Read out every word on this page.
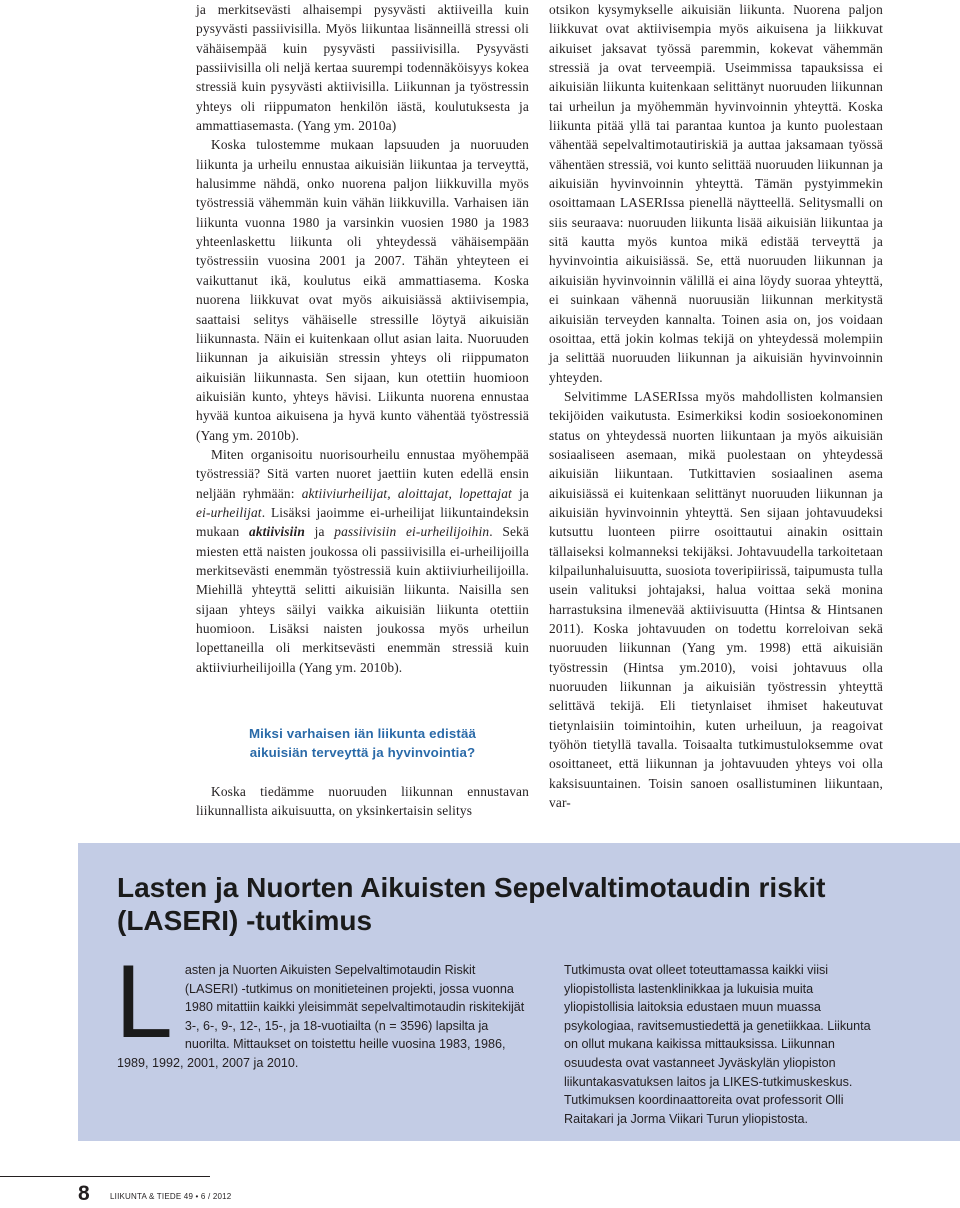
ja merkitsevästi alhaisempi pysyvästi aktiiveilla kuin pysyvästi passiivisilla. Myös liikuntaa lisänneillä stressi oli vähäisempää kuin pysyvästi passiivisilla. Pysyvästi passiivisilla oli neljä kertaa suurempi todennäköisyys kokea stressiä kuin pysyvästi aktiivisilla. Liikunnan ja työstressin yhteys oli riippumaton henkilön iästä, koulutuksesta ja ammattiasemasta. (Yang ym. 2010a)

Koska tulostemme mukaan lapsuuden ja nuoruuden liikunta ja urheilu ennustaa aikuisiän liikuntaa ja terveyttä, halusimme nähdä, onko nuorena paljon liikkuvilla myös työstressiä vähemmän kuin vähän liikkuvilla. Varhaisen iän liikunta vuonna 1980 ja varsinkin vuosien 1980 ja 1983 yhteenlaskettu liikunta oli yhteydessä vähäisempään työstressiin vuosina 2001 ja 2007. Tähän yhteyteen ei vaikuttanut ikä, koulutus eikä ammattiasema. Koska nuorena liikkuvat ovat myös aikuisiässä aktiivisempia, saattaisi selitys vähäiselle stressille löytyä aikuisiän liikunnasta. Näin ei kuitenkaan ollut asian laita. Nuoruuden liikunnan ja aikuisiän stressin yhteys oli riippumaton aikuisiän liikunnasta. Sen sijaan, kun otettiin huomioon aikuisiän kunto, yhteys hävisi. Liikunta nuorena ennustaa hyvää kuntoa aikuisena ja hyvä kunto vähentää työstressiä (Yang ym. 2010b).

Miten organisoitu nuorisourheilu ennustaa myöhempää työstressiä? Sitä varten nuoret jaettiin kuten edellä ensin neljään ryhmään: aktiiviurheilijat, aloittajat, lopettajat ja ei-urheilijat. Lisäksi jaoimme ei-urheilijat liikuntaindeksin mukaan aktiivisiin ja passiivisiin ei-urheilijoihin. Sekä miesten että naisten joukossa oli passiivisilla ei-urheilijoilla merkitsevästi enemmän työstressiä kuin aktiiviurheilijoilla. Miehillä yhteyttä selitti aikuisiän liikunta. Naisilla sen sijaan yhteys säilyi vaikka aikuisiän liikunta otettiin huomioon. Lisäksi naisten joukossa myös urheilun lopettaneilla oli merkitsevästi enemmän stressiä kuin aktiiviurheilijoilla (Yang ym. 2010b).

Miksi varhaisen iän liikunta edistää
aikuisiän terveyttä ja hyvinvointia?

Koska tiedämme nuoruuden liikunnan ennustavan liikunnallista aikuisuutta, on yksinkertaisin selitys

otsikon kysymykselle aikuisiän liikunta. Nuorena paljon liikkuvat ovat aktiivisempia myös aikuisena ja liikkuvat aikuiset jaksavat työssä paremmin, kokevat vähemmän stressiä ja ovat terveempiä. Useimmissa tapauksissa ei aikuisiän liikunta kuitenkaan selittänyt nuoruuden liikunnan tai urheilun ja myöhemmän hyvinvoinnin yhteyttä. Koska liikunta pitää yllä tai parantaa kuntoa ja kunto puolestaan vähentää sepelvaltimotautiriskiä ja auttaa jaksamaan työssä vähentäen stressiä, voi kunto selittää nuoruuden liikunnan ja aikuisiän hyvinvoinnin yhteyttä. Tämän pystyimmekin osoittamaan LASERIssa pienellä näytteellä. Selitysmalli on siis seuraava: nuoruuden liikunta lisää aikuisiän liikuntaa ja sitä kautta myös kuntoa mikä edistää terveyttä ja hyvinvointia aikuisiässä. Se, että nuoruuden liikunnan ja aikuisiän hyvinvoinnin välillä ei aina löydy suoraa yhteyttä, ei suinkaan vähennä nuoruusiän liikunnan merkitystä aikuisiän terveyden kannalta. Toinen asia on, jos voidaan osoittaa, että jokin kolmas tekijä on yhteydessä molempiin ja selittää nuoruuden liikunnan ja aikuisiän hyvinvoinnin yhteyden.

Selvitimme LASERIssa myös mahdollisten kolmansien tekijöiden vaikutusta. Esimerkiksi kodin sosioekonominen status on yhteydessä nuorten liikuntaan ja myös aikuisiän sosiaaliseen asemaan, mikä puolestaan on yhteydessä aikuisiän liikuntaan. Tutkittavien sosiaalinen asema aikuisiässä ei kuitenkaan selittänyt nuoruuden liikunnan ja aikuisiän hyvinvoinnin yhteyttä. Sen sijaan johtavuudeksi kutsuttu luonteen piirre osoittautui ainakin osittain tällaiseksi kolmanneksi tekijäksi. Johtavuudella tarkoitetaan kilpailunhaluisuutta, suosiota toveripiirissä, taipumusta tulla usein valituksi johtajaksi, halua voittaa sekä monina harrastuksina ilmenevää aktiivisuutta (Hintsa & Hintsanen 2011). Koska johtavuuden on todettu korreloivan sekä nuoruuden liikunnan (Yang ym. 1998) että aikuisiän työstressin (Hintsa ym.2010), voisi johtavuus olla nuoruuden liikunnan ja aikuisiän työstressin yhteyttä selittävä tekijä. Eli tietynlaiset ihmiset hakeutuvat tietynlaisiin toimintoihin, kuten urheiluun, ja reagoivat työhön tietyllä tavalla. Toisaalta tutkimustuloksemme ovat osoittaneet, että liikunnan ja johtavuuden yhteys voi olla kaksisuuntainen. Toisin sanoen osallistuminen liikuntaan, var-

Lasten ja Nuorten Aikuisten Sepelvaltimotaudin riskit (LASERI) -tutkimus

Lasten ja Nuorten Aikuisten Sepelvaltimotaudin Riskit (LASERI) -tutkimus on monitieteinen projekti, jossa vuonna 1980 mitattiin kaikki yleisimmät sepelvaltimotaudin riskitekijät 3-, 6-, 9-, 12-, 15-, ja 18-vuotiailta (n = 3596) lapsilta ja nuorilta. Mittaukset on toistettu heille vuosina 1983, 1986, 1989, 1992, 2001, 2007 ja 2010.

Tutkimusta ovat olleet toteuttamassa kaikki viisi yliopistollista lastenklinikkaa ja lukuisia muita yliopistollisia laitoksia edustaen muun muassa psykologiaa, ravitsemustiedettä ja genetiikkaa. Liikunta on ollut mukana kaikissa mittauksissa. Liikunnan osuudesta ovat vastanneet Jyväskylän yliopiston liikuntakasvatuksen laitos ja LIKES-tutkimuskeskus. Tutkimuksen koordinaattoreita ovat professorit Olli Raitakari ja Jorma Viikari Turun yliopistosta.

8	LIIKUNTA & TIEDE 49 • 6 / 2012
